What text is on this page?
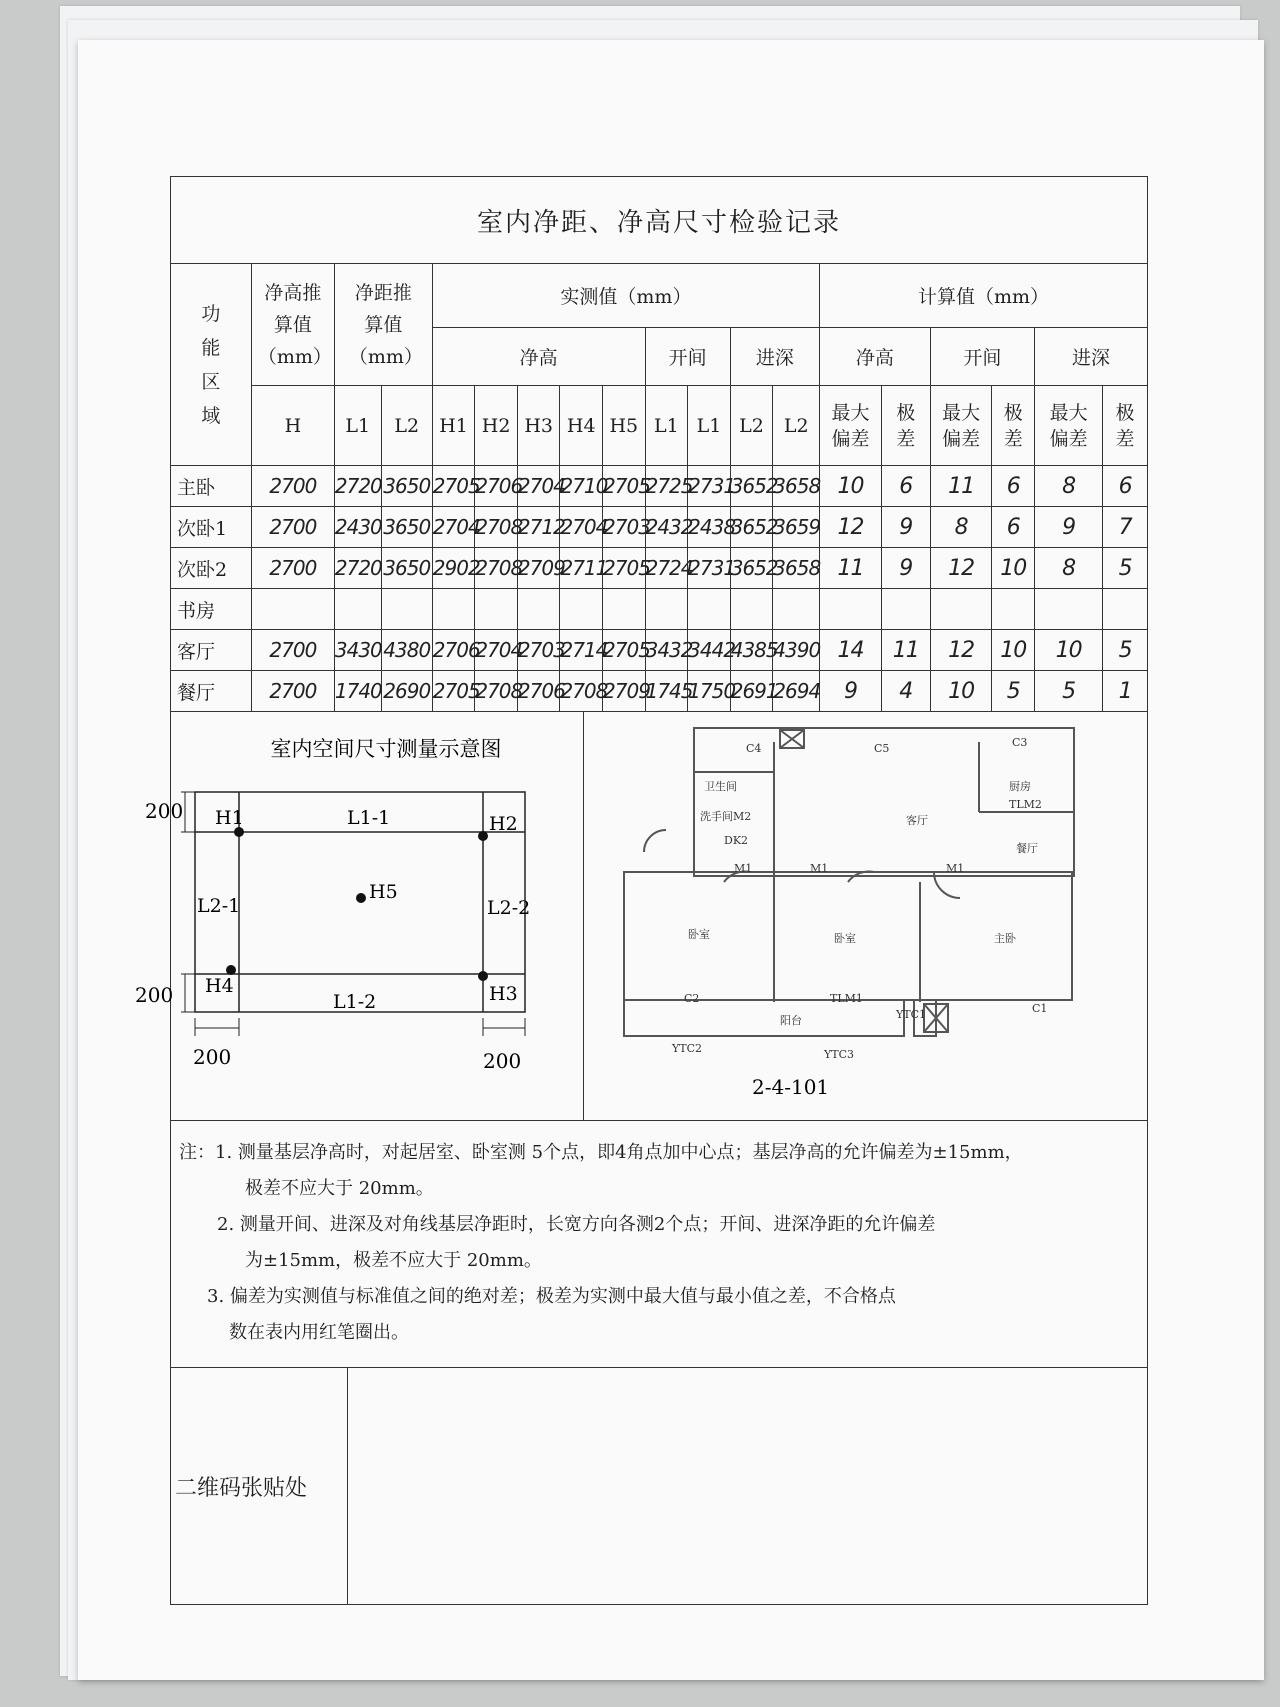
室内净距、净高尺寸检验记录
功能区域	净高推算值（mm）	净距推算值（mm）		实测值（mm）									计算值（mm）					
				净高					开间		进深		净高		开间		进深	
	H	L1	L2	H1	H2	H3	H4	H5	L1	L1	L2	L2	最大偏差	极差	最大偏差	极差	最大偏差	极差
主卧	2700	2720	3650	2705	2706	2704	2710	2705	2725	2731	3652	3658	10	6	11	6	8	6
次卧1	2700	2430	3650	2704	2708	2712	2704	2703	2432	2438	3652	3659	12	9	8	6	9	7
次卧2	2700	2720	3650	2902	2708	2709	2711	2705	2724	2731	3652	3658	11	9	12	10	8	5
书房																		
客厅	2700	3430	4380	2706	2704	2703	2714	2705	3432	3442	4385	4390	14	11	12	10	10	5
餐厅	2700	1740	2690	2705	2708	2706	2708	2709	1745	1750	2691	2694	9	4	10	5	5	1
室内空间尺寸测量示意图
H1	H2
H3
H4
H5
L1-1
L1-2
L2-1	L2-2
200
200
200	200
C4	C5	C3
卫生间	厨房
TLM2
洗手间M2	客厅
DK2
餐厅
M1	M1	M1
卧室	卧室	主卧
C2	TLM1
YTC1	C1
阳台
YTC2	YTC3
2-4-101
注：1. 测量基层净高时，对起居室、卧室测 5个点，即4角点加中心点；基层净高的允许偏差为±15mm，
极差不应大于 20mm。
2. 测量开间、进深及对角线基层净距时，长宽方向各测2个点；开间、进深净距的允许偏差
为±15mm，极差不应大于 20mm。
3. 偏差为实测值与标准值之间的绝对差；极差为实测中最大值与最小值之差，不合格点
数在表内用红笔圈出。
二维码张贴处
